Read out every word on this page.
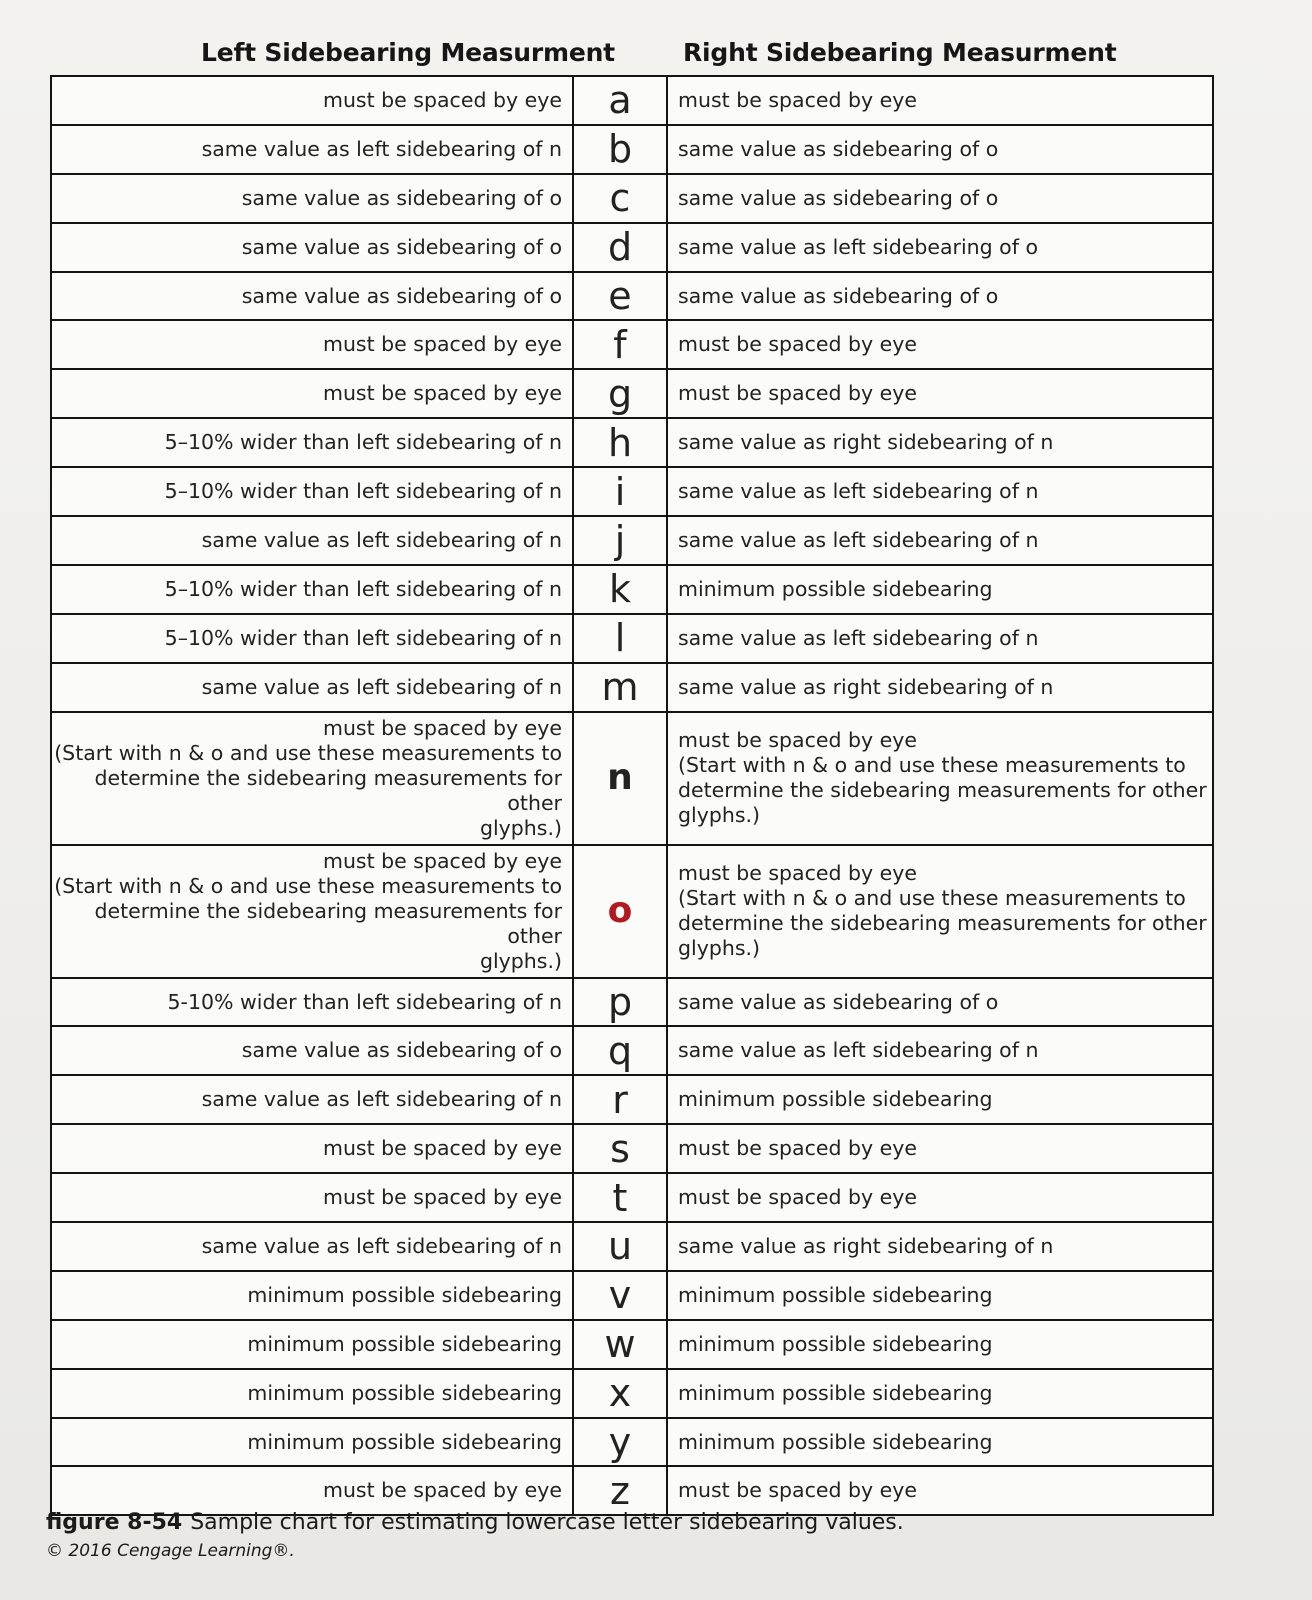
Left Sidebearing Measurment	Right Sidebearing Measurment
must be spaced by eye	a	must be spaced by eye

same value as left sidebearing of n	b	same value as sidebearing of o

same value as sidebearing of o	c	same value as sidebearing of o

same value as sidebearing of o	d	same value as left sidebearing of o

same value as sidebearing of o	e	same value as sidebearing of o

must be spaced by eye	f	must be spaced by eye

must be spaced by eye	g	must be spaced by eye

5–10% wider than left sidebearing of n	h	same value as right sidebearing of n

5–10% wider than left sidebearing of n	i	same value as left sidebearing of n

same value as left sidebearing of n	j	same value as left sidebearing of n

5–10% wider than left sidebearing of n	k	minimum possible sidebearing

5–10% wider than left sidebearing of n	l	same value as left sidebearing of n

same value as left sidebearing of n	m	same value as right sidebearing of n

must be spaced by eye
(Start with n & o and use these measurements to
determine the sidebearing measurements for other
glyphs.)	n	must be spaced by eye
(Start with n & o and use these measurements to
determine the sidebearing measurements for other
glyphs.)

must be spaced by eye
(Start with n & o and use these measurements to
determine the sidebearing measurements for other
glyphs.)	o	must be spaced by eye
(Start with n & o and use these measurements to
determine the sidebearing measurements for other
glyphs.)

5-10% wider than left sidebearing of n	p	same value as sidebearing of o

same value as sidebearing of o	q	same value as left sidebearing of n

same value as left sidebearing of n	r	minimum possible sidebearing

must be spaced by eye	s	must be spaced by eye

must be spaced by eye	t	must be spaced by eye

same value as left sidebearing of n	u	same value as right sidebearing of n

minimum possible sidebearing	v	minimum possible sidebearing

minimum possible sidebearing	w	minimum possible sidebearing

minimum possible sidebearing	x	minimum possible sidebearing

minimum possible sidebearing	y	minimum possible sidebearing

must be spaced by eye	z	must be spaced by eye
figure 8-54 Sample chart for estimating lowercase letter sidebearing values.
© 2016 Cengage Learning®.
